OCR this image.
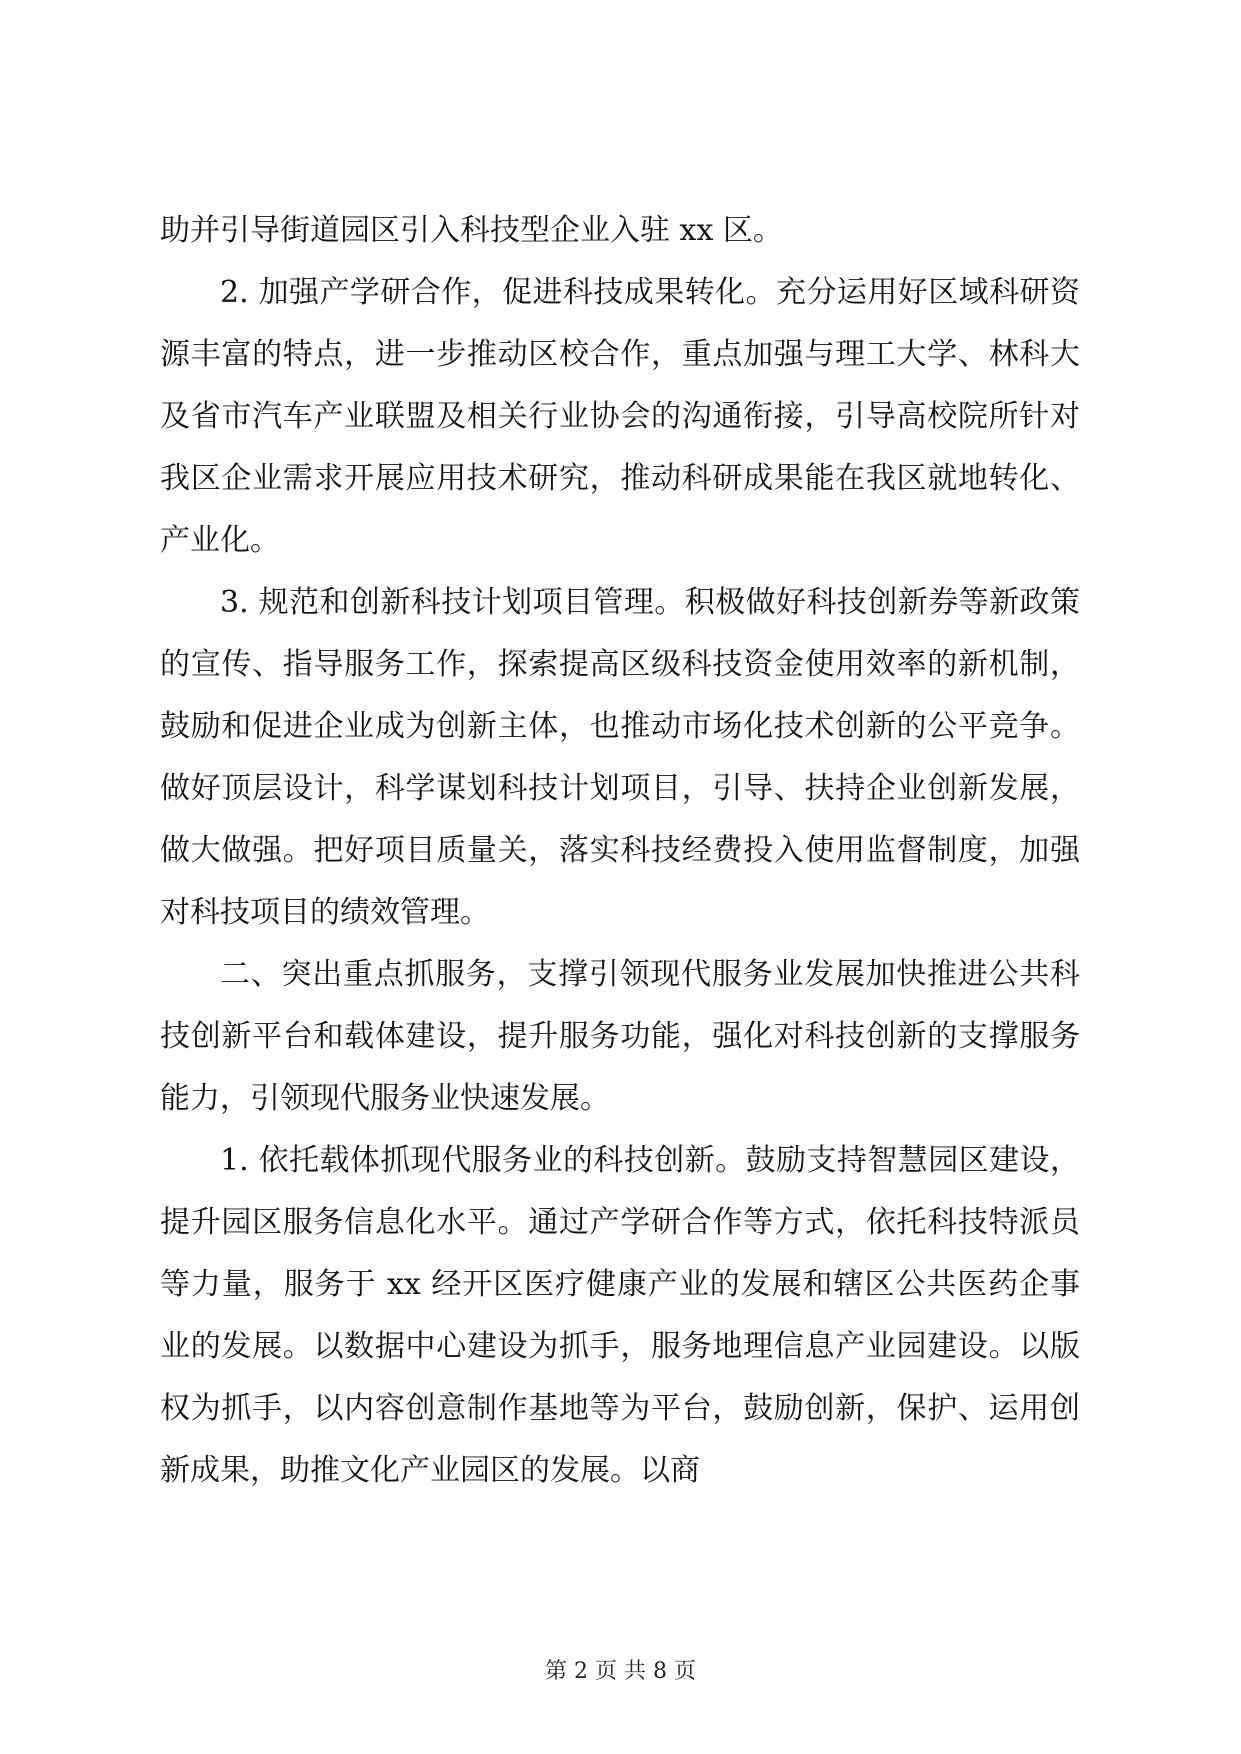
助并引导街道园区引入科技型企业入驻 xx 区。

2. 加强产学研合作，促进科技成果转化。充分运用好区域科研资源丰富的特点，进一步推动区校合作，重点加强与理工大学、林科大及省市汽车产业联盟及相关行业协会的沟通衔接，引导高校院所针对我区企业需求开展应用技术研究，推动科研成果能在我区就地转化、产业化。

3. 规范和创新科技计划项目管理。积极做好科技创新券等新政策的宣传、指导服务工作，探索提高区级科技资金使用效率的新机制，鼓励和促进企业成为创新主体，也推动市场化技术创新的公平竞争。做好顶层设计，科学谋划科技计划项目，引导、扶持企业创新发展，做大做强。把好项目质量关，落实科技经费投入使用监督制度，加强对科技项目的绩效管理。

二、突出重点抓服务，支撑引领现代服务业发展加快推进公共科技创新平台和载体建设，提升服务功能，强化对科技创新的支撑服务能力，引领现代服务业快速发展。

1. 依托载体抓现代服务业的科技创新。鼓励支持智慧园区建设，提升园区服务信息化水平。通过产学研合作等方式，依托科技特派员等力量，服务于 xx 经开区医疗健康产业的发展和辖区公共医药企事业的发展。以数据中心建设为抓手，服务地理信息产业园建设。以版权为抓手，以内容创意制作基地等为平台，鼓励创新，保护、运用创新成果，助推文化产业园区的发展。以商

第 2 页 共 8 页
